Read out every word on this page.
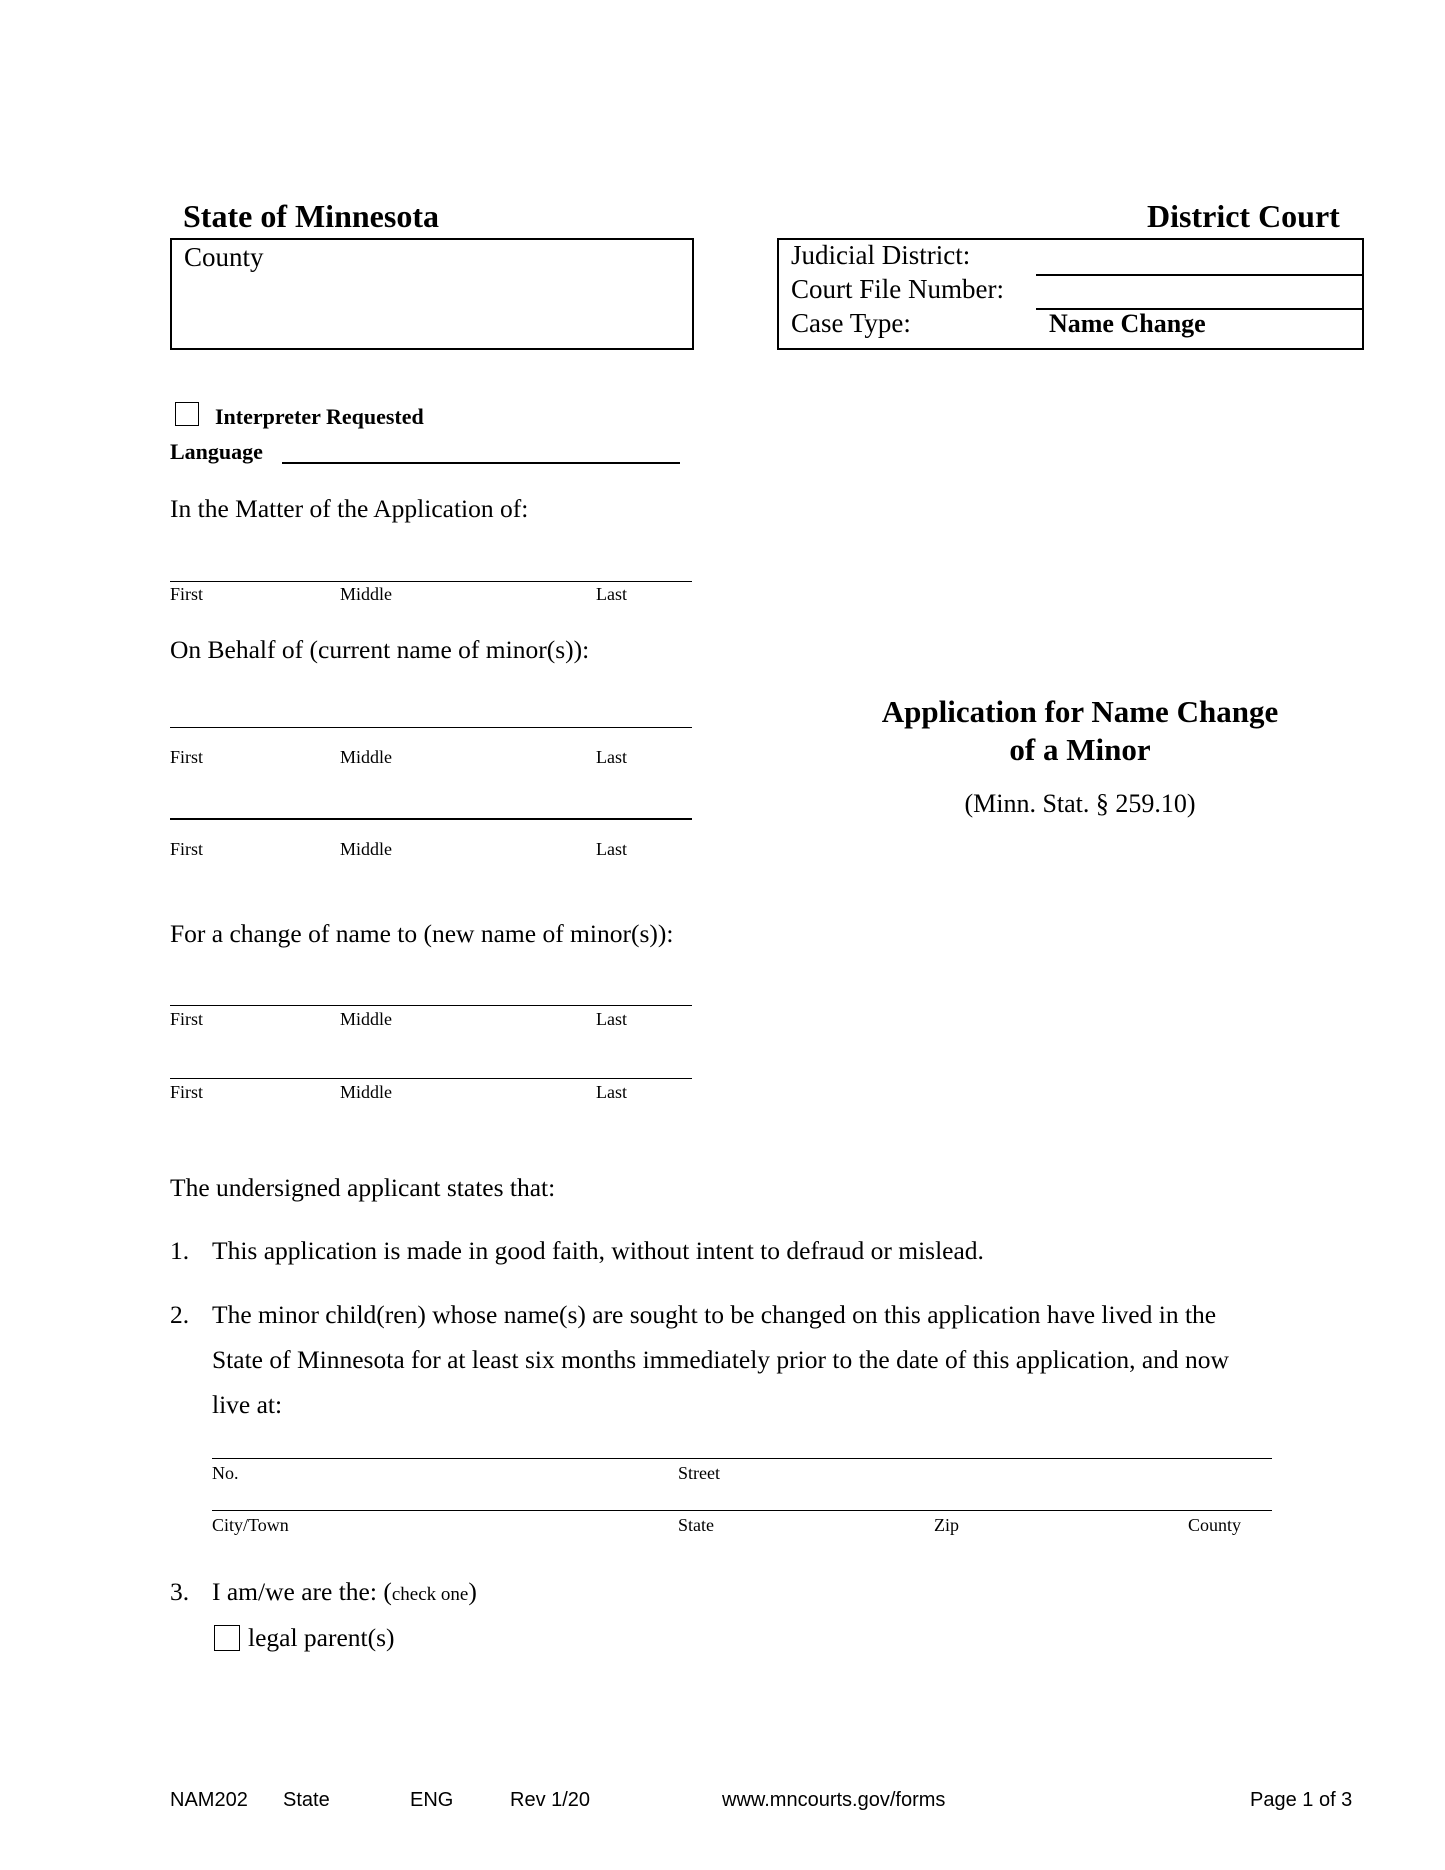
State of Minnesota	District Court
County	Judicial District:
Court File Number:
Case Type:	Name Change
Interpreter Requested
Language
In the Matter of the Application of:
First	Middle	Last
On Behalf of (current name of minor(s)):
First	Middle	Last
First	Middle	Last
For a change of name to (new name of minor(s)):
First	Middle	Last
First	Middle	Last
Application for Name Change
of a Minor
(Minn. Stat. § 259.10)
The undersigned applicant states that:
1. This application is made in good faith, without intent to defraud or mislead.
2. The minor child(ren) whose name(s) are sought to be changed on this application have lived in the
State of Minnesota for at least six months immediately prior to the date of this application, and now
live at:
No.	Street
City/Town	State	Zip	County
3. I am/we are the: (check one)
legal parent(s)
NAM202 State	ENG	Rev 1/20	www.mncourts.gov/forms	Page 1 of 3
